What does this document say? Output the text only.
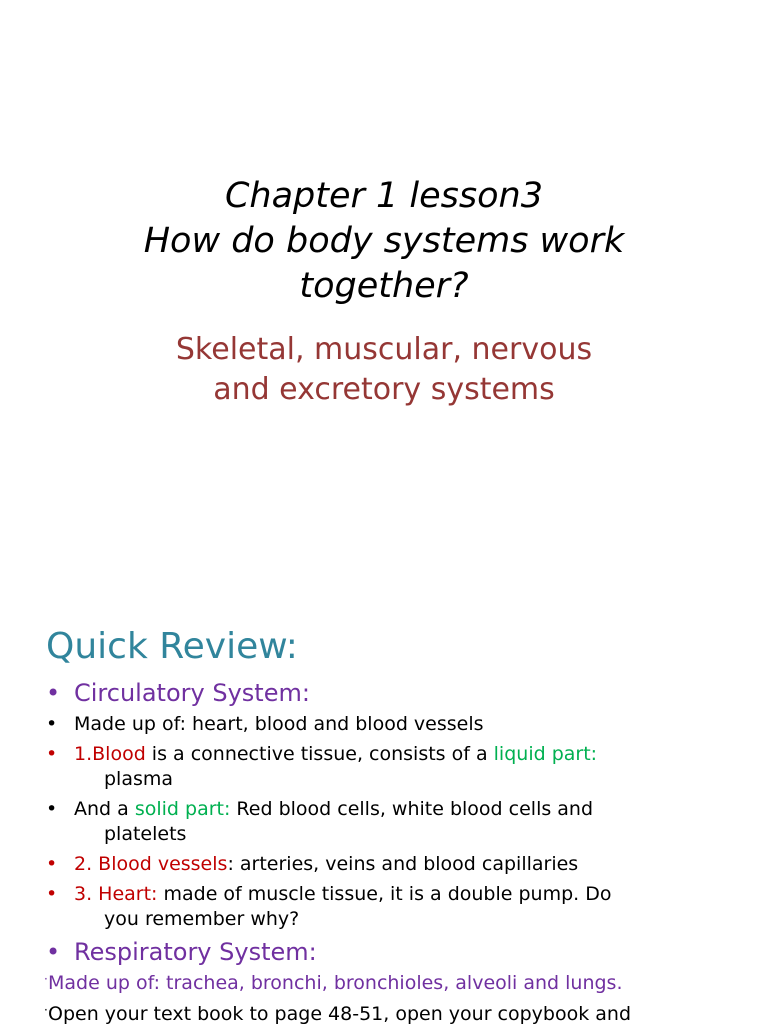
Chapter 1 lesson3
How do body systems work
together?
Skeletal, muscular, nervous
and excretory systems
Quick Review:
• Circulatory System:
• Made up of: heart, blood and blood vessels
• 1.Blood is a connective tissue, consists of a liquid part:
plasma
• And a solid part: Red blood cells, white blood cells and
platelets
• 2. Blood vessels: arteries, veins and blood capillaries
• 3. Heart: made of muscle tissue, it is a double pump. Do
you remember why?
• Respiratory System:
· Made up of: trachea, bronchi, bronchioles, alveoli and lungs.
· Open your text book to page 48-51, open your copybook and
